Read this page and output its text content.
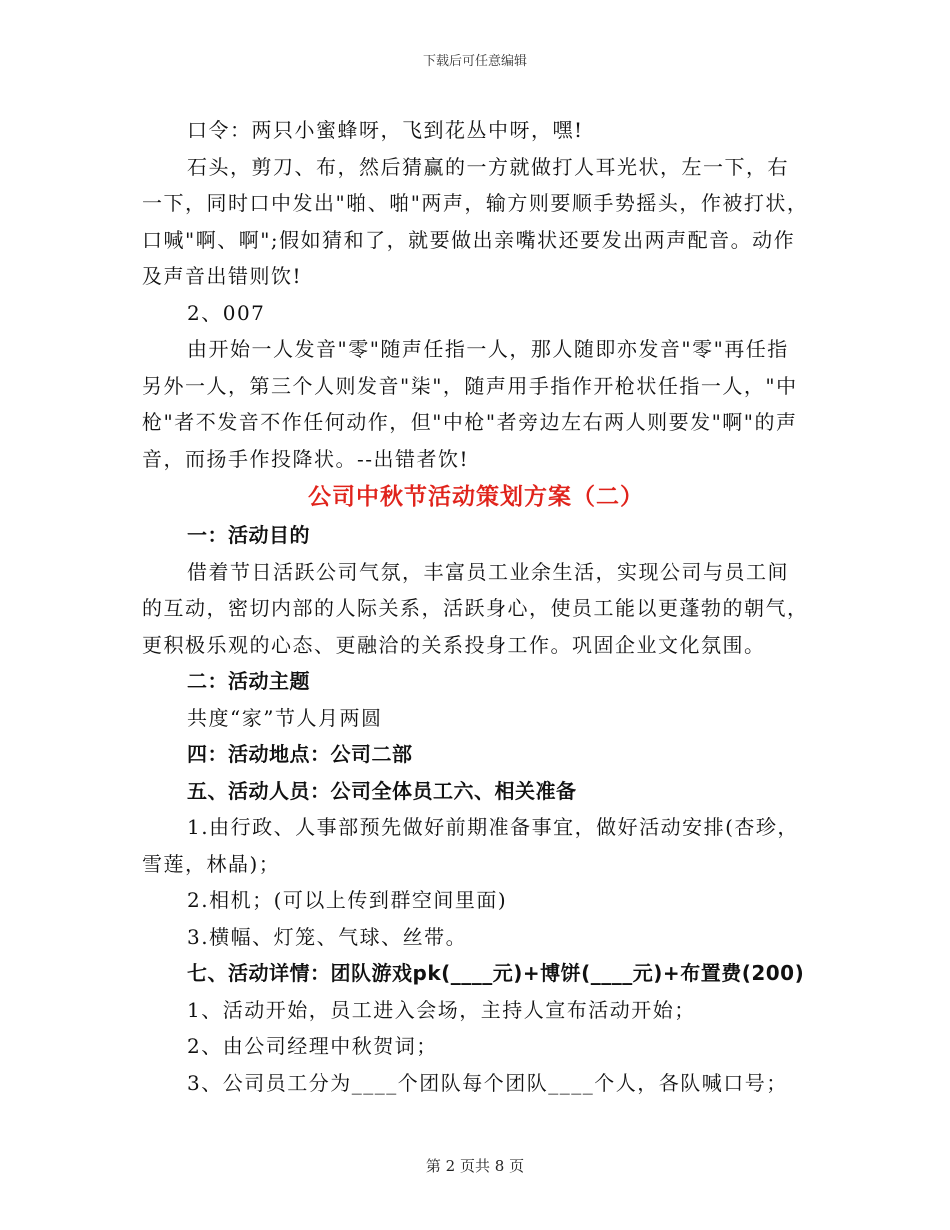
下载后可任意编辑

口令：两只小蜜蜂呀，飞到花丛中呀，嘿!

石头，剪刀、布，然后猜赢的一方就做打人耳光状，左一下，右一下，同时口中发出"啪、啪"两声，输方则要顺手势摇头，作被打状，口喊"啊、啊";假如猜和了，就要做出亲嘴状还要发出两声配音。动作及声音出错则饮!

2、007

由开始一人发音"零"随声任指一人，那人随即亦发音"零"再任指另外一人，第三个人则发音"柒"，随声用手指作开枪状任指一人，"中枪"者不发音不作任何动作，但"中枪"者旁边左右两人则要发"啊"的声音，而扬手作投降状。--出错者饮!

公司中秋节活动策划方案（二）

一：活动目的

借着节日活跃公司气氛，丰富员工业余生活，实现公司与员工间的互动，密切内部的人际关系，活跃身心，使员工能以更蓬勃的朝气，更积极乐观的心态、更融洽的关系投身工作。巩固企业文化氛围。

二：活动主题

共度“家”节人月两圆

四：活动地点：公司二部

五、活动人员：公司全体员工六、相关准备

1.由行政、人事部预先做好前期准备事宜，做好活动安排(杏珍，雪莲，林晶)；

2.相机；(可以上传到群空间里面)

3.横幅、灯笼、气球、丝带。

七、活动详情：团队游戏pk(____元)+博饼(____元)+布置费(200)

1、活动开始，员工进入会场，主持人宣布活动开始；

2、由公司经理中秋贺词；

3、公司员工分为____个团队每个团队____个人，各队喊口号；

第 2 页共 8 页
